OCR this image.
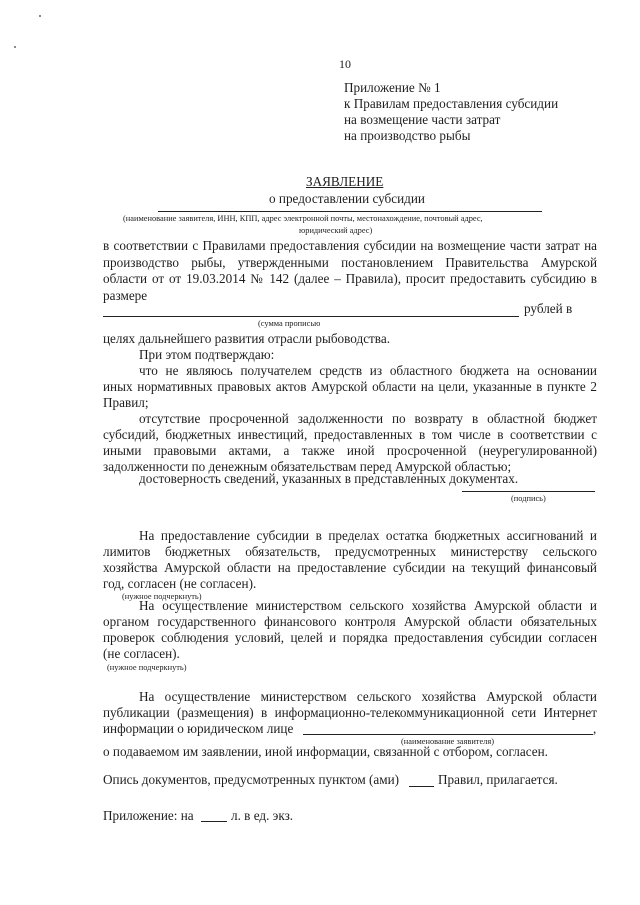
10
Приложение № 1
к Правилам предоставления субсидии
на возмещение части затрат
на производство рыбы
ЗАЯВЛЕНИЕ
о предоставлении субсидии
(наименование заявителя, ИНН, КПП, адрес электронной почты, местонахождение, почтовый адрес,
юридический адрес)
в соответствии с Правилами предоставления субсидии на возмещение части затрат на
производство рыбы, утвержденными постановлением Правительства Амурской
области от от 19.03.2014 № 142 (далее – Правила), просит предоставить субсидию в
размере
рублей в
(сумма прописью
целях дальнейшего развития отрасли рыбоводства.
При этом подтверждаю:
что не являюсь получателем средств из областного бюджета на основании
иных нормативных правовых актов Амурской области на цели, указанные в пункте 2
Правил;
отсутствие просроченной задолженности по возврату в областной бюджет
субсидий, бюджетных инвестиций, предоставленных в том числе в соответствии с
иными правовыми актами, а также иной просроченной (неурегулированной)
задолженности по денежным обязательствам перед Амурской областью;
достоверность сведений, указанных в представленных документах.
(подпись)
На предоставление субсидии в пределах остатка бюджетных ассигнований и
лимитов бюджетных обязательств, предусмотренных министерству сельского
хозяйства Амурской области на предоставление субсидии на текущий финансовый
год, согласен (не согласен).
(нужное подчеркнуть)
На осуществление министерством сельского хозяйства Амурской области и
органом государственного финансового контроля Амурской области обязательных
проверок соблюдения условий, целей и порядка предоставления субсидии согласен
(не согласен).
(нужное подчеркнуть)
На осуществление министерством сельского хозяйства Амурской области
публикации (размещения) в информационно-телекоммуникационной сети Интернет
информации о юридическом лице	,
(наименование заявителя)
о подаваемом им заявлении, иной информации, связанной с отбором, согласен.
Опись документов, предусмотренных пунктом (ами)	Правил, прилагается.
Приложение: на	л. в ед. экз.
